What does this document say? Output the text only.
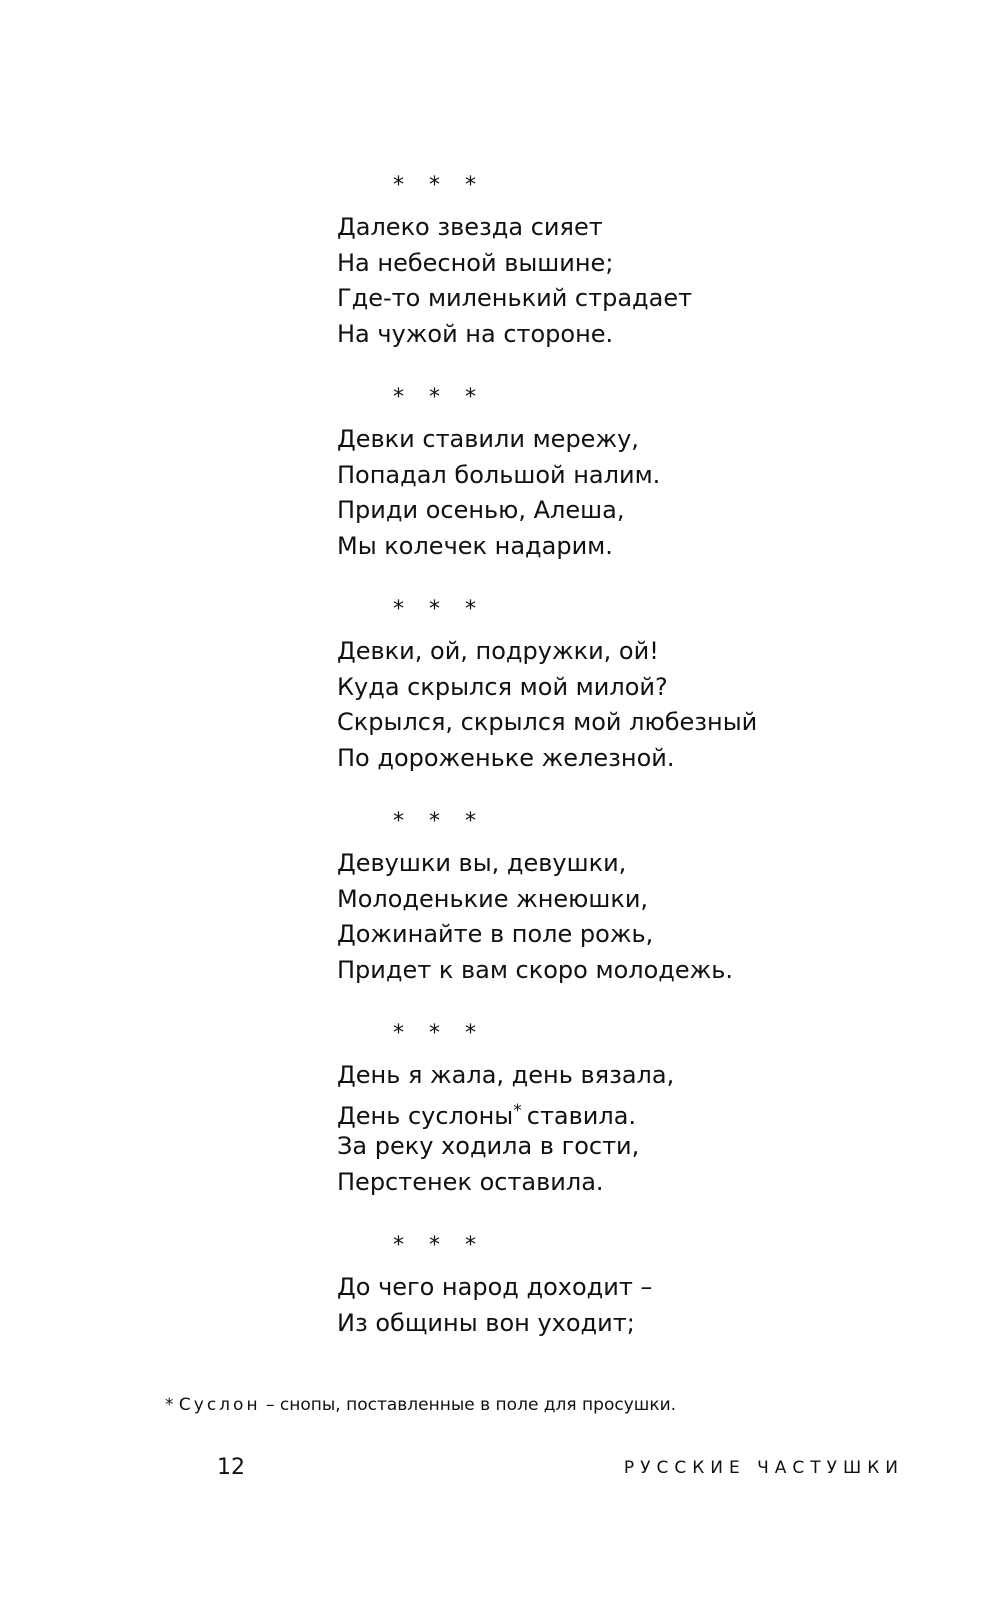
* * *
Далеко звезда сияет
На небесной вышине;
Где-то миленький страдает
На чужой на стороне.
* * *
Девки ставили мережу,
Попадал большой налим.
Приди осенью, Алеша,
Мы колечек надарим.
* * *
Девки, ой, подружки, ой!
Куда скрылся мой милой?
Скрылся, скрылся мой любезный
По дороженьке железной.
* * *
Девушки вы, девушки,
Молоденькие жнеюшки,
Дожинайте в поле рожь,
Придет к вам скоро молодежь.
* * *
День я жала, день вязала,
День суслоны* ставила.
За реку ходила в гости,
Перстенек оставила.
* * *
До чего народ доходит –
Из общины вон уходит;
* Суслон – снопы, поставленные в поле для просушки.
12	РУССКИЕ ЧАСТУШКИ
